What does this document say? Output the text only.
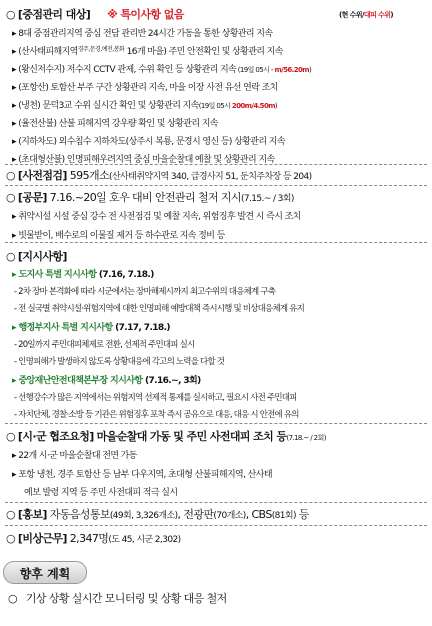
○ [중점관리 대상] ※ 특이사항 없음	(현 수위/대피 수위)
▸ 8대 중점관리지역 중심 전담 관리반 24시간 가동을 통한 상황관리 지속
▸ (산사태피해지역$^{경주,문경,예천,봉화}$ 16개 마을) 주민 안전확인 및 상황관리 지속
▸ (왕신저수지) 저수지 CCTV 관제, 수위 확인 등 상황관리 지속 (19일 05시 - m/56.20m)
▸ (포항산) 토함산 부주 구간 상황관리 지속, 마을 이장 사전 유선 연락 조치
▸ (냉천) 문덕3교 수위 실시간 확인 및 상황관리 지속(19일 05시 200m/4.50m)
▸ (율전산불) 산불 피해지역 강우량 확인 및 상황관리 지속
▸ (지하차도) 외수침수 지하차도(상주시 복룡, 문경시 영신 등) 상황관리 지속
▸ (초대형산불) 인명피해우려지역 중심 마을순찰대 예찰 및 상황관리 지속
○ [사전점검] 595개소(산사태취약지역 340, 급경사지 51, 둔치주차장 등 204)
○ [공문] 7.16.~20일 호우 대비 안전관리 철저 지시(7.15.~ / 3회)
▸ 취약시설 시설 중심 강수 전 사전점검 및 예찰 지속, 위험징후 발견 시 즉시 조치
▸ 빗물받이, 배수로의 이물질 제거 등 하수관로 지속 정비 등
○ [지시사항]
▸ 도지사 특별 지시사항 (7.16, 7.18.)
- 2차 장마 본격화에 따라 시군에서는 장마해제시까지 최고수위의 대응체계 구축
- 전 실국별 취약시설·위험지역에 대한 인명피해 예방대책 즉시시행 및 비상대응체계 유지
▸ 행정부지사 특별 지시사항 (7.17, 7.18.)
- 20일까지 주민대피체제로 전환, 선제적 주민대피 실시
- 인명피해가 발생하지 않도록 상황대응에 각고의 노력을 다할 것
▸ 중앙재난안전대책본부장 지시사항 (7.16.~, 3회)
- 선행강수가 많은 지역에서는 위험지역 선제적 통제를 실시하고, 필요시 사전 주민대피
- 자치단체, 경찰·소방 등 기관은 위험징후 포착 즉시 공유으로 대응, 대응 시 안전에 유의
○ [시·군 협조요청] 마을순찰대 가동 및 주민 사전대피 조치 등(7.18.~ / 2회)
▸ 22개 시·군 마을순찰대 전면 가동
▸ 포항 냉천, 경주 토함산 등 남부 다우지역, 초대형 산불피해지역, 산사태
예보 발령 지역 등 주민 사전대피 적극 실시
○ [홍보] 자동음성통보(49회, 3,326개소), 전광판(70개소), CBS(81회) 등
○ [비상근무] 2,347명(도 45, 시군 2,302)
향후 계획
○ 기상 상황 실시간 모니터링 및 상황 대응 철저
